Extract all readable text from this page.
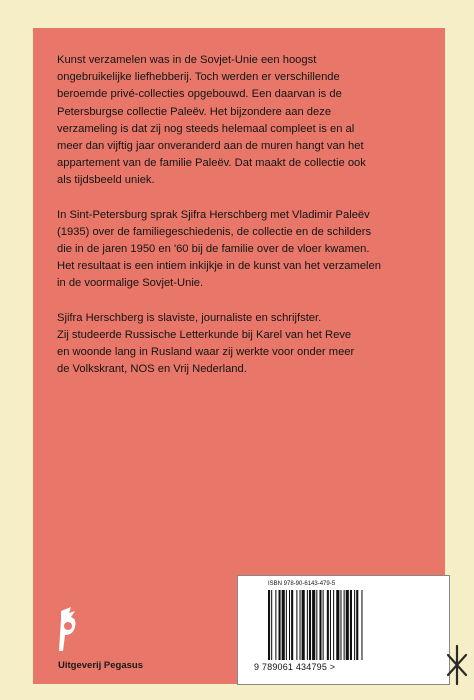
Kunst verzamelen was in de Sovjet-Unie een hoogst
ongebruikelijke liefhebberij. Toch werden er verschillende
beroemde privé-collecties opgebouwd. Een daarvan is de
Petersburgse collectie Paleëv. Het bijzondere aan deze
verzameling is dat zij nog steeds helemaal compleet is en al
meer dan vijftig jaar onveranderd aan de muren hangt van het
appartement van de familie Paleëv. Dat maakt de collectie ook
als tijdsbeeld uniek.

In Sint-Petersburg sprak Sjifra Herschberg met Vladimir Paleëv
(1935) over de familiegeschiedenis, de collectie en de schilders
die in de jaren 1950 en '60 bij de familie over de vloer kwamen.
Het resultaat is een intiem inkijkje in de kunst van het verzamelen
in de voormalige Sovjet-Unie.

Sjifra Herschberg is slaviste, journaliste en schrijfster.
Zij studeerde Russische Letterkunde bij Karel van het Reve
en woonde lang in Rusland waar zij werkte voor onder meer
de Volkskrant, NOS en Vrij Nederland.

ISBN 978-90-6143-479-5
9 789061 434795 >
Uitgeverij Pegasus
